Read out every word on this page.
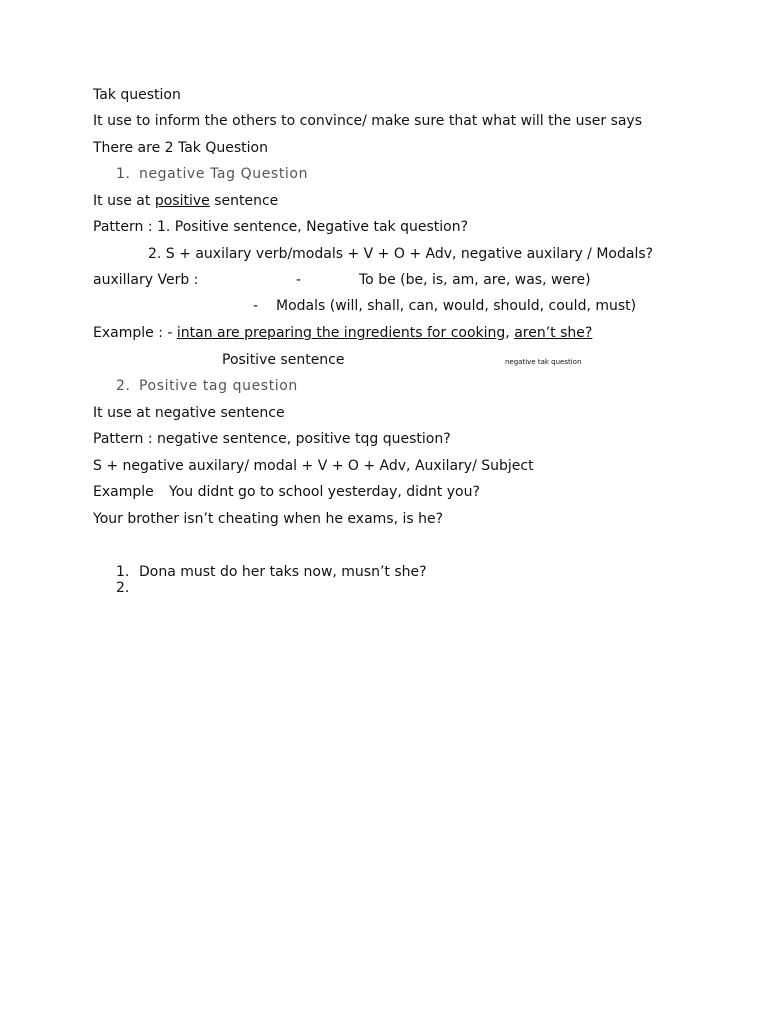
Tak question
It use to inform the others to convince/ make sure that what will the user says
There are 2 Tak Question
1. negative Tag Question
It use at positive sentence
Pattern : 1. Positive sentence, Negative tak question?
2. S + auxilary verb/modals + V + O + Adv, negative auxilary / Modals?
auxillary Verb :	-	To be (be, is, am, are, was, were)
- Modals (will, shall, can, would, should, could, must)
Example : - intan are preparing the ingredients for cooking, aren’t she?
Positive sentence	negative tak question
2. Positive tag question
It use at negative sentence
Pattern : negative sentence, positive tqg question?
S + negative auxilary/ modal + V + O + Adv, Auxilary/ Subject
Example You didnt go to school yesterday, didnt you?
Your brother isn’t cheating when he exams, is he?
1. Dona must do her taks now, musn’t she?
2.
